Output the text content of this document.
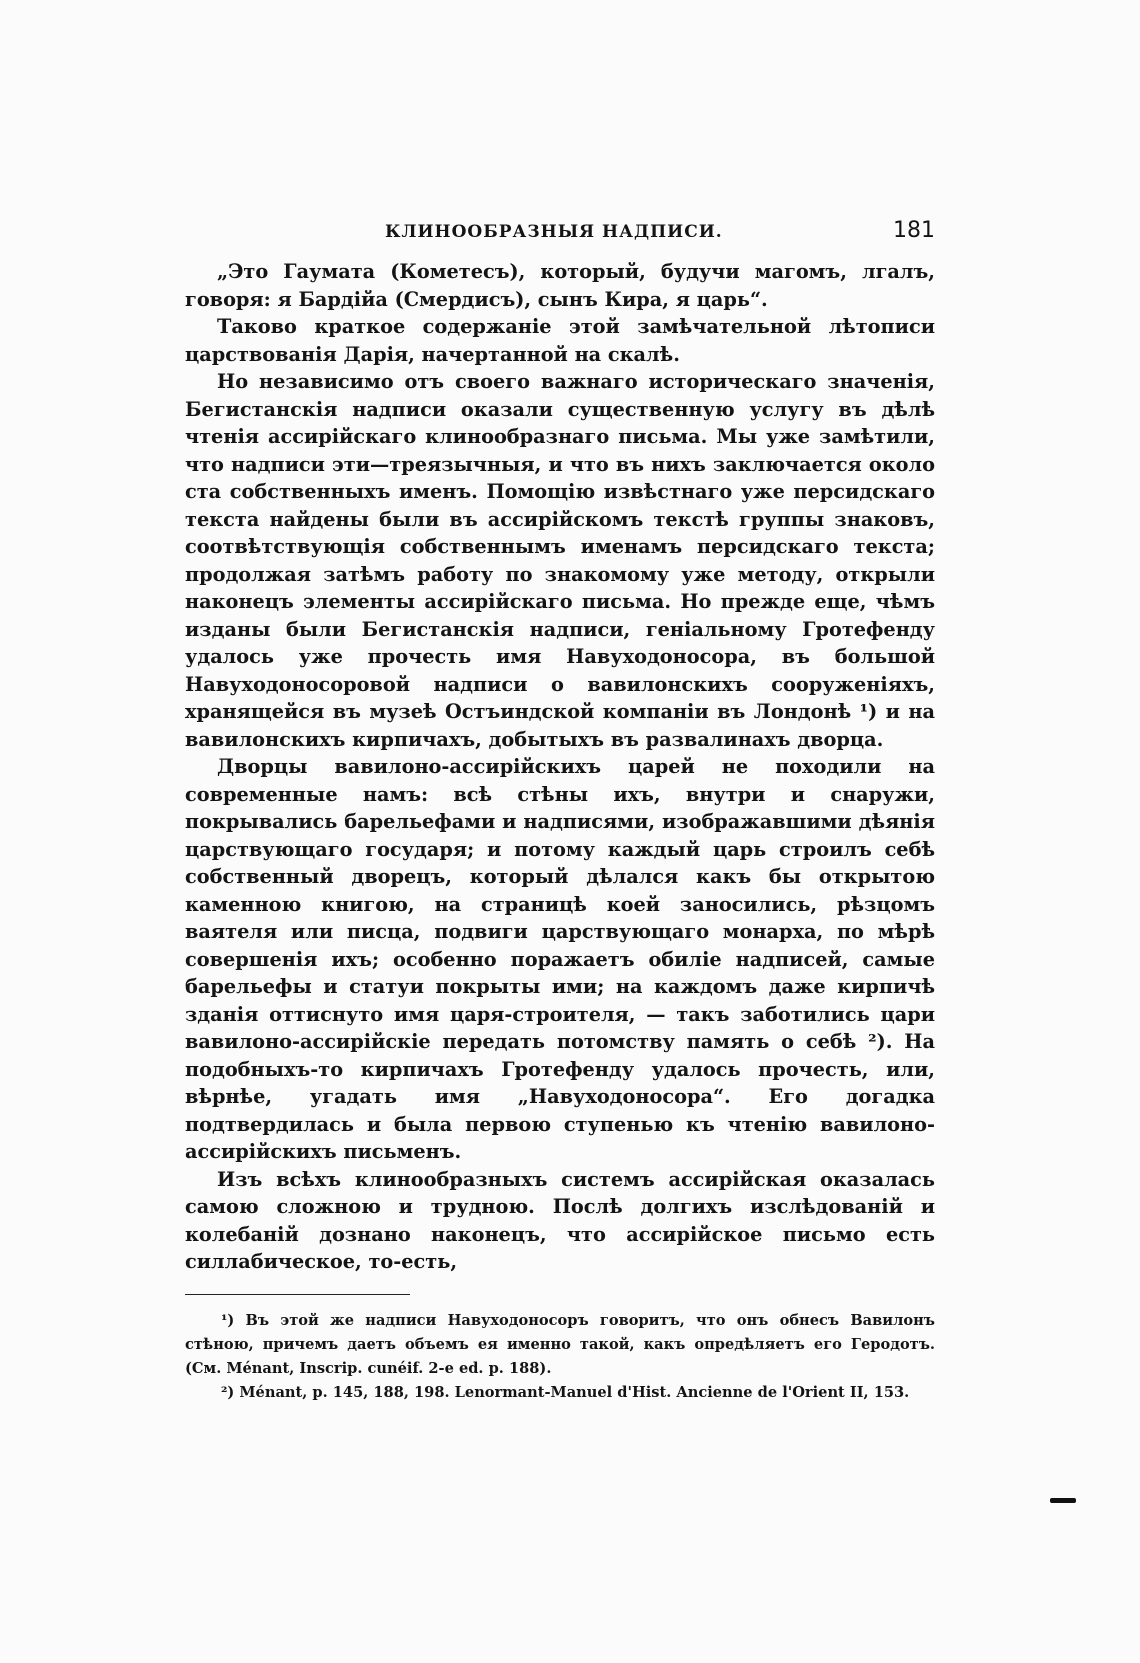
КЛИНООБРАЗНЫЯ НАДПИСИ.	181

„Это Гаумата (Кометесъ), который, будучи магомъ, лгалъ, говоря: я Бардійа (Смердисъ), сынъ Кира, я царь“.

Таково краткое содержаніе этой замѣчательной лѣтописи царствованія Дарія, начертанной на скалѣ.

Но независимо отъ своего важнаго историческаго значенія, Бегистанскія надписи оказали существенную услугу въ дѣлѣ чтенія ассирійскаго клинообразнаго письма. Мы уже замѣтили, что надписи эти—треязычныя, и что въ нихъ заключается около ста собственныхъ именъ. Помощію извѣстнаго уже персидскаго текста найдены были въ ассирійскомъ текстѣ группы знаковъ, соотвѣтствующія собственнымъ именамъ персидскаго текста; продолжая затѣмъ работу по знакомому уже методу, открыли наконецъ элементы ассирійскаго письма. Но прежде еще, чѣмъ изданы были Бегистанскія надписи, геніальному Гротефенду удалось уже прочесть имя Навуходоносора, въ большой Навуходоносоровой надписи о вавилонскихъ сооруженіяхъ, хранящейся въ музеѣ Остъиндской компаніи въ Лондонѣ ¹) и на вавилонскихъ кирпичахъ, добытыхъ въ развалинахъ дворца.

Дворцы вавилоно-ассирійскихъ царей не походили на современные намъ: всѣ стѣны ихъ, внутри и снаружи, покрывались барельефами и надписями, изображавшими дѣянія царствующаго государя; и потому каждый царь строилъ себѣ собственный дворецъ, который дѣлался какъ бы открытою каменною книгою, на страницѣ коей заносились, рѣзцомъ ваятеля или писца, подвиги царствующаго монарха, по мѣрѣ совершенія ихъ; особенно поражаетъ обиліе надписей, самые барельефы и статуи покрыты ими; на каждомъ даже кирпичѣ зданія оттиснуто имя царя-строителя, — такъ заботились цари вавилоно-ассирійскіе передать потомству память о себѣ ²). На подобныхъ-то кирпичахъ Гротефенду удалось прочесть, или, вѣрнѣе, угадать имя „Навуходоносора“. Его догадка подтвердилась и была первою ступенью къ чтенію вавилоно-ассирійскихъ письменъ.

Изъ всѣхъ клинообразныхъ системъ ассирійская оказалась самою сложною и трудною. Послѣ долгихъ изслѣдованій и колебаній дознано наконецъ, что ассирійское письмо есть силлабическое, то-есть,

¹) Въ этой же надписи Навуходоносоръ говоритъ, что онъ обнесъ Вавилонъ стѣною, причемъ даетъ объемъ ея именно такой, какъ опредѣляетъ его Геродотъ. (См. Ménant, Inscrip. cunéif. 2-e ed. p. 188).

²) Ménant, p. 145, 188, 198. Lenormant-Manuel d'Hist. Ancienne de l'Orient II, 153.
